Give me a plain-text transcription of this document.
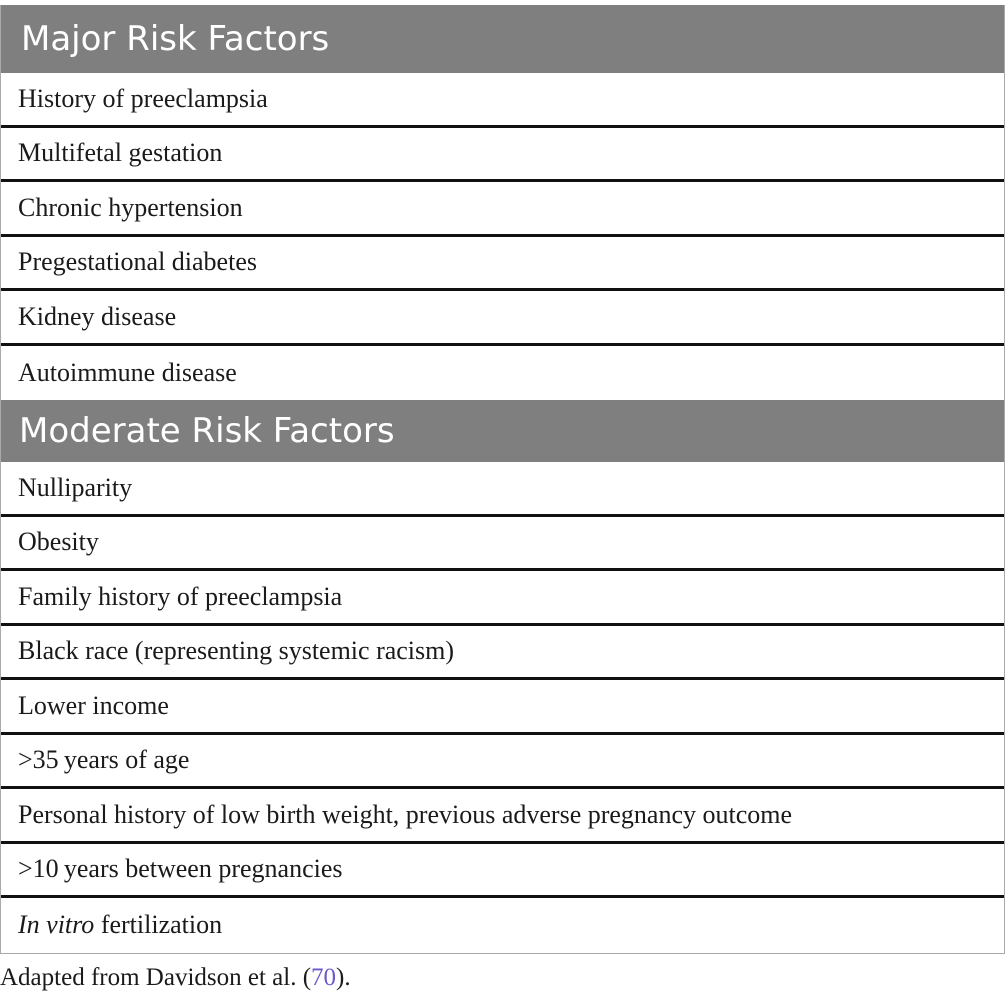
Major Risk Factors
History of preeclampsia
Multifetal gestation
Chronic hypertension
Pregestational diabetes
Kidney disease
Autoimmune disease
Moderate Risk Factors
Nulliparity
Obesity
Family history of preeclampsia
Black race (representing systemic racism)
Lower income
>35 years of age
Personal history of low birth weight, previous adverse pregnancy outcome
>10 years between pregnancies
In vitro fertilization
Adapted from Davidson et al. (70).
